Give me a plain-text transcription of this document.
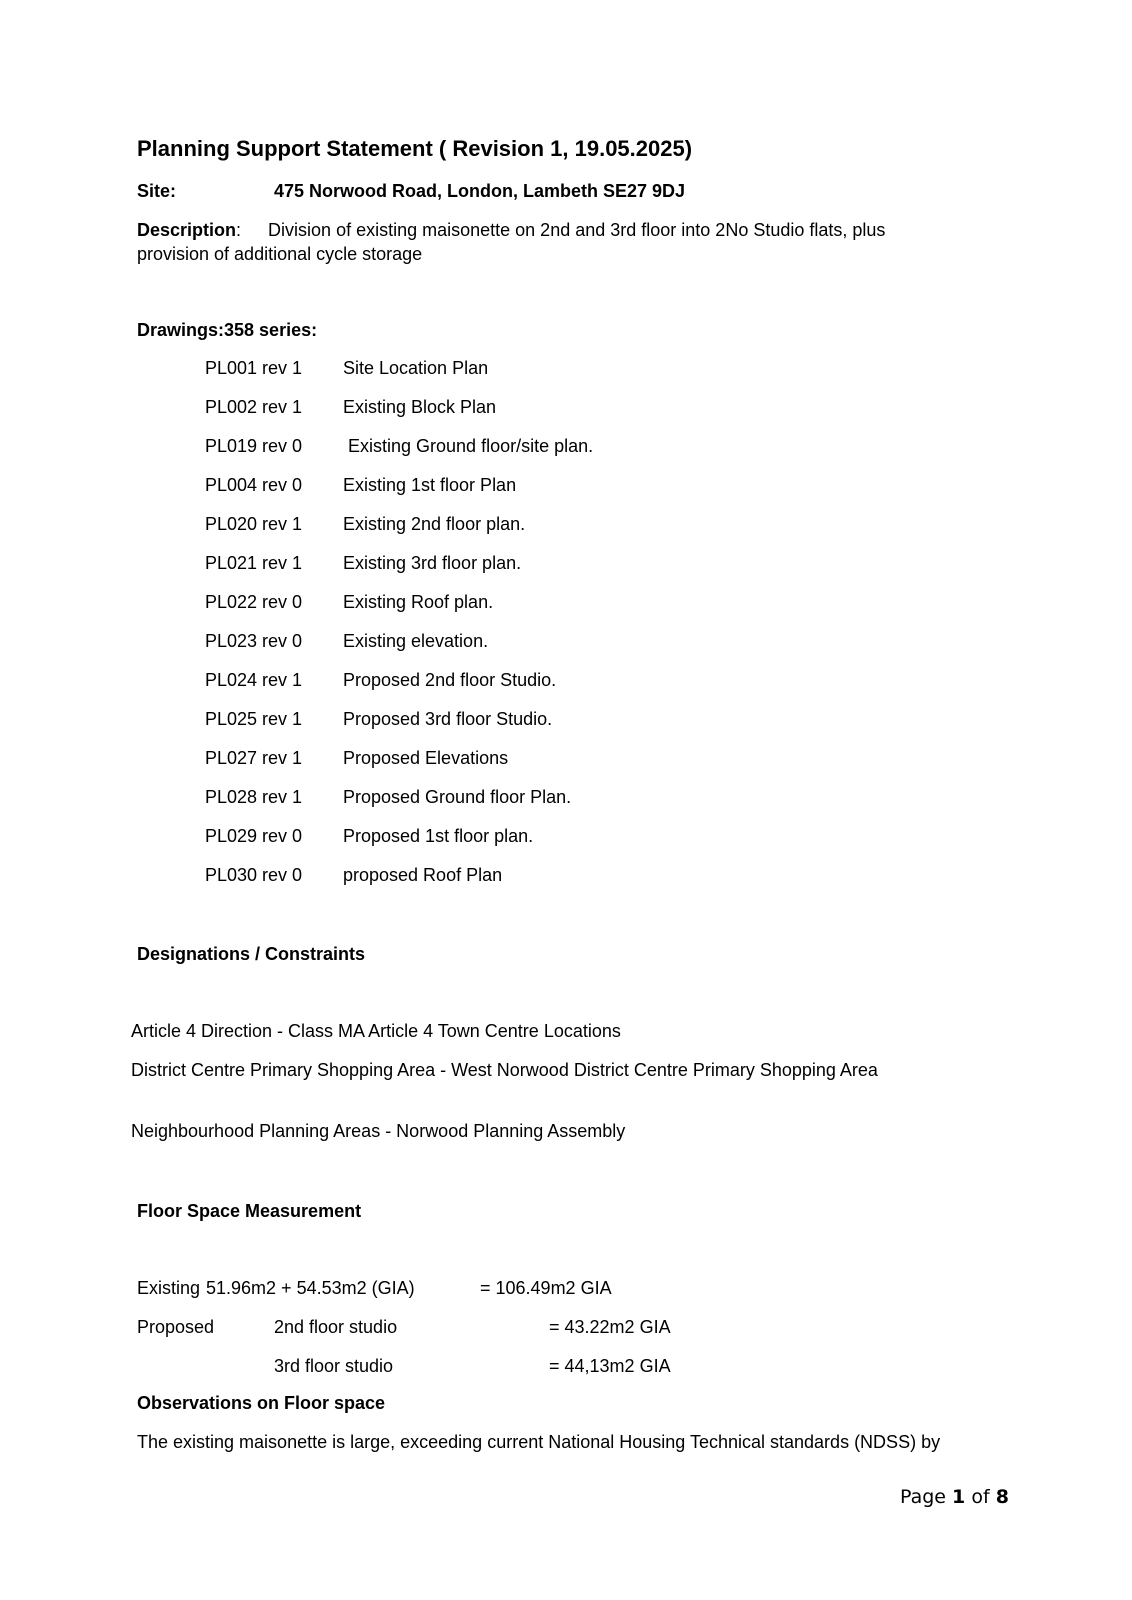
Planning Support Statement ( Revision 1, 19.05.2025)
Site:	475 Norwood Road, London, Lambeth SE27 9DJ
Description: Division of existing maisonette on 2nd and 3rd floor into 2No Studio flats, plus provision of additional cycle storage
Drawings:358 series:
PL001 rev 1 Site Location Plan
PL002 rev 1 Existing Block Plan
PL019 rev 0 Existing Ground floor/site plan.
PL004 rev 0 Existing 1st floor Plan
PL020 rev 1 Existing 2nd floor plan.
PL021 rev 1 Existing 3rd floor plan.
PL022 rev 0 Existing Roof plan.
PL023 rev 0 Existing elevation.
PL024 rev 1 Proposed 2nd floor Studio.
PL025 rev 1 Proposed 3rd floor Studio.
PL027 rev 1 Proposed Elevations
PL028 rev 1 Proposed Ground floor Plan.
PL029 rev 0 Proposed 1st floor plan.
PL030 rev 0 proposed Roof Plan
Designations / Constraints
Article 4 Direction - Class MA Article 4 Town Centre Locations
District Centre Primary Shopping Area - West Norwood District Centre Primary Shopping Area
Neighbourhood Planning Areas - Norwood Planning Assembly
Floor Space Measurement
Existing 51.96m2 + 54.53m2 (GIA)	= 106.49m2 GIA
Proposed	2nd floor studio	= 43.22m2 GIA
3rd floor studio	= 44,13m2 GIA
Observations on Floor space
The existing maisonette is large, exceeding current National Housing Technical standards (NDSS) by
Page 1 of 8
